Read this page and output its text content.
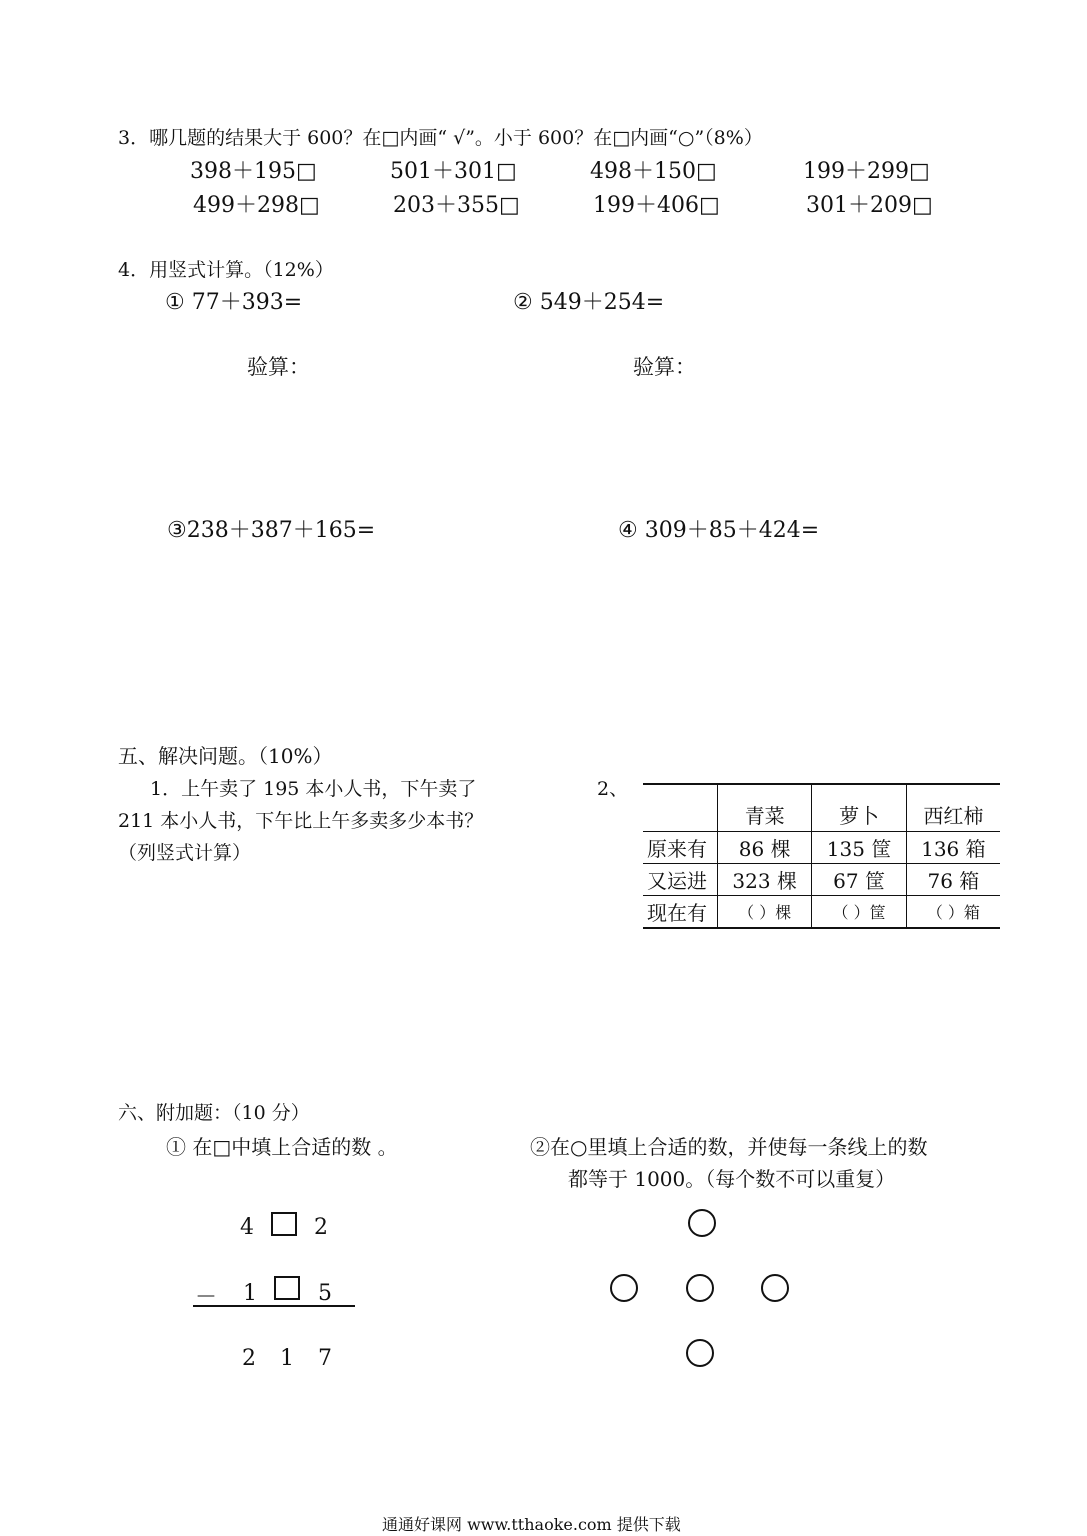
3．哪几题的结果大于 600？在□内画“ √”。小于 600？在□内画“○”（8%）
398＋195□	501＋301□	498＋150□	199＋299□
499＋298□	203＋355□	199＋406□	301＋209□
4．用竖式计算。（12%）
① 77＋393=	② 549＋254=
验算：	验算：
③238＋387＋165=	④ 309＋85＋424=
五、解决问题。（10%）
1．上午卖了 195 本小人书，下午卖了
211 本小人书，下午比上午多卖多少本书？
（列竖式计算）
2、
	青菜	萝卜	西红柿
原来有	86 棵	135 筐	136 箱
又运进	323 棵	67 筐	76 箱
现在有	（ ）棵	（ ）筐	（ ）箱
六、附加题：（10 分）
① 在□中填上合适的数 。	②在○里填上合适的数，并使每一条线上的数
都等于 1000。（每个数不可以重复）
4	2
－ 1	5
2 1 7
通通好课网 www.tthaoke.com 提供下载
